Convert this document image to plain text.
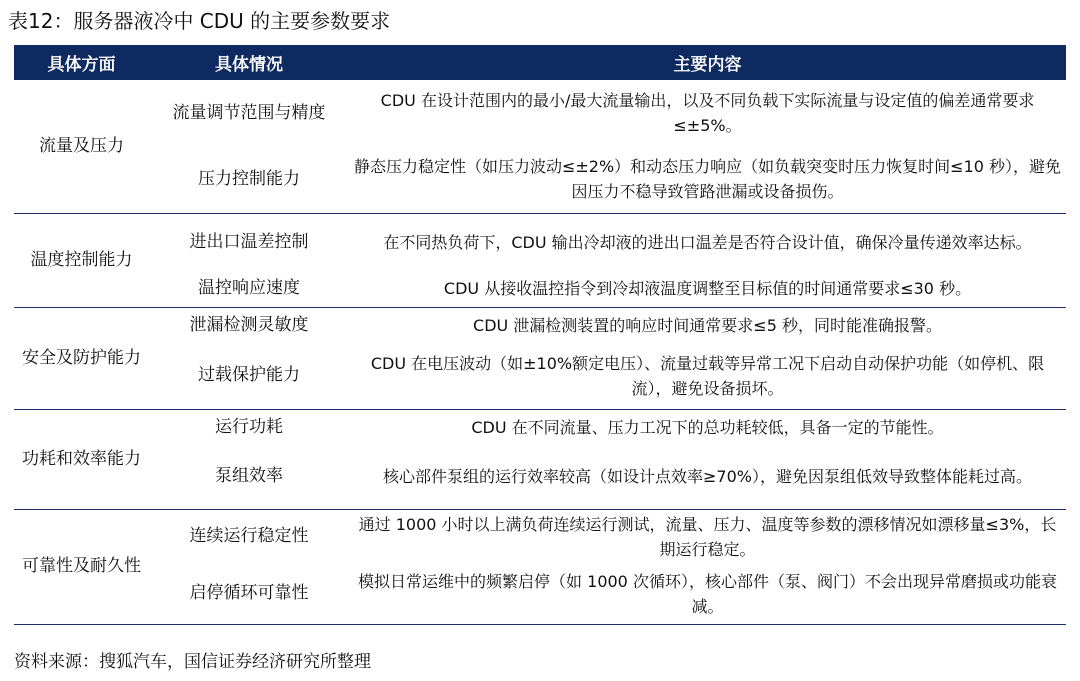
表12：服务器液冷中 CDU 的主要参数要求
具体方面	具体情况	主要内容
流量及压力	流量调节范围与精度	CDU 在设计范围内的最小/最大流量输出，以及不同负载下实际流量与设定值的偏差通常要求≤±5%。
	压力控制能力	静态压力稳定性（如压力波动≤±2%）和动态压力响应（如负载突变时压力恢复时间≤10 秒），避免因压力不稳导致管路泄漏或设备损伤。
温度控制能力	进出口温差控制	在不同热负荷下，CDU 输出冷却液的进出口温差是否符合设计值，确保冷量传递效率达标。
	温控响应速度	CDU 从接收温控指令到冷却液温度调整至目标值的时间通常要求≤30 秒。
安全及防护能力	泄漏检测灵敏度	CDU 泄漏检测装置的响应时间通常要求≤5 秒，同时能准确报警。
	过载保护能力	CDU 在电压波动（如±10%额定电压）、流量过载等异常工况下启动自动保护功能（如停机、限流），避免设备损坏。
功耗和效率能力	运行功耗	CDU 在不同流量、压力工况下的总功耗较低，具备一定的节能性。
	泵组效率	核心部件泵组的运行效率较高（如设计点效率≥70%），避免因泵组低效导致整体能耗过高。
可靠性及耐久性	连续运行稳定性	通过 1000 小时以上满负荷连续运行测试，流量、压力、温度等参数的漂移情况如漂移量≤3%，长期运行稳定。
	启停循环可靠性	模拟日常运维中的频繁启停（如 1000 次循环），核心部件（泵、阀门）不会出现异常磨损或功能衰减。
资料来源：搜狐汽车，国信证券经济研究所整理
